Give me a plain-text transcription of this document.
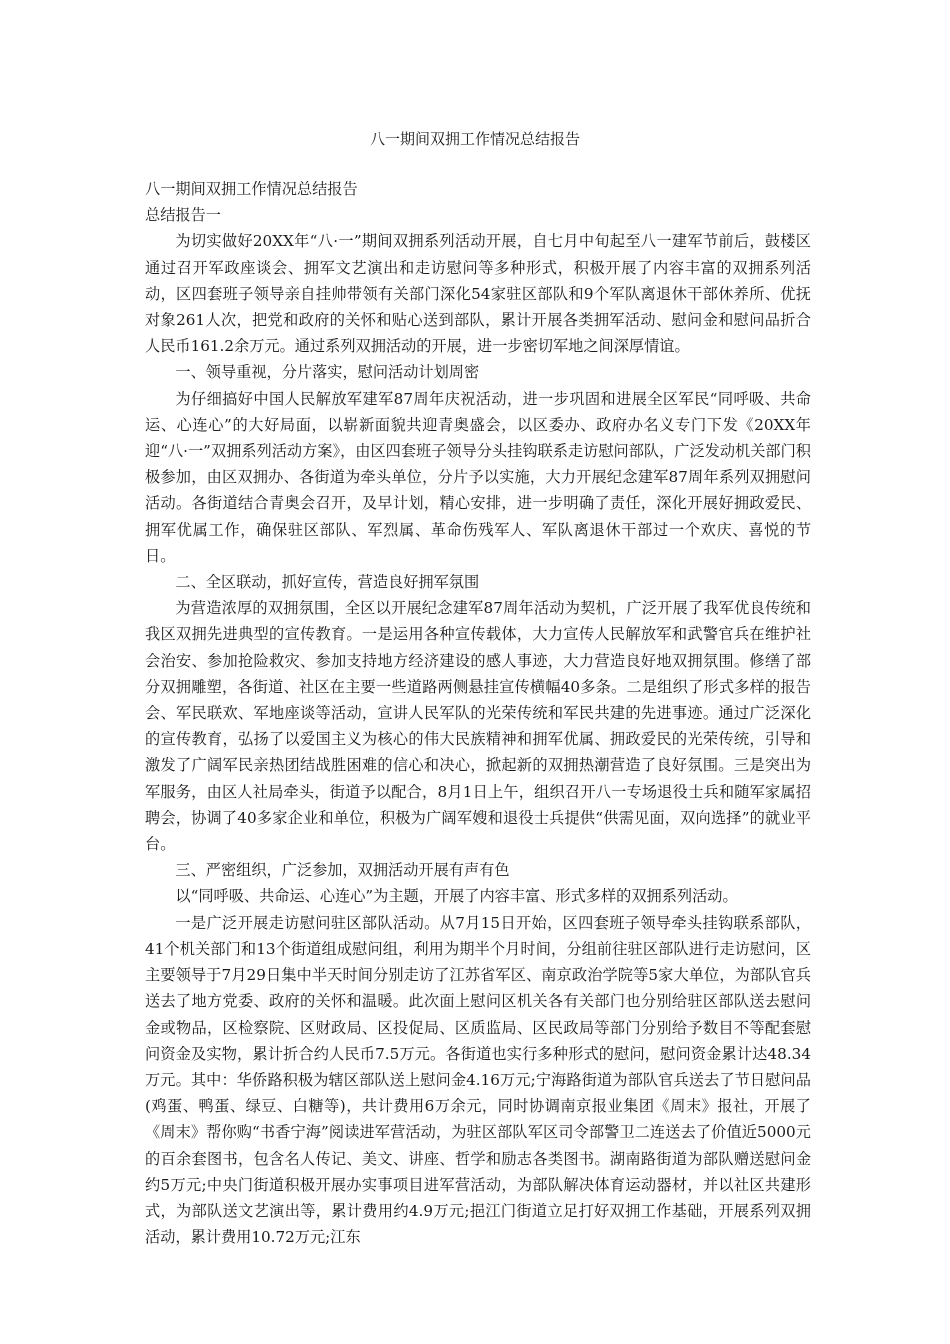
八一期间双拥工作情况总结报告

八一期间双拥工作情况总结报告

总结报告一

为切实做好20XX年“八·一”期间双拥系列活动开展，自七月中旬起至八一建军节前后，鼓楼区通过召开军政座谈会、拥军文艺演出和走访慰问等多种形式，积极开展了内容丰富的双拥系列活动，区四套班子领导亲自挂帅带领有关部门深化54家驻区部队和9个军队离退休干部休养所、优抚对象261人次，把党和政府的关怀和贴心送到部队，累计开展各类拥军活动、慰问金和慰问品折合人民币161.2余万元。通过系列双拥活动的开展，进一步密切军地之间深厚情谊。

一、领导重视，分片落实，慰问活动计划周密

为仔细搞好中国人民解放军建军87周年庆祝活动，进一步巩固和进展全区军民“同呼吸、共命运、心连心”的大好局面，以崭新面貌共迎青奥盛会，以区委办、政府办名义专门下发《20XX年迎“八·一”双拥系列活动方案》，由区四套班子领导分头挂钩联系走访慰问部队，广泛发动机关部门积极参加，由区双拥办、各街道为牵头单位，分片予以实施，大力开展纪念建军87周年系列双拥慰问活动。各街道结合青奥会召开，及早计划，精心安排，进一步明确了责任，深化开展好拥政爱民、拥军优属工作，确保驻区部队、军烈属、革命伤残军人、军队离退休干部过一个欢庆、喜悦的节日。

二、全区联动，抓好宣传，营造良好拥军氛围

为营造浓厚的双拥氛围，全区以开展纪念建军87周年活动为契机，广泛开展了我军优良传统和我区双拥先进典型的宣传教育。一是运用各种宣传载体，大力宣传人民解放军和武警官兵在维护社会治安、参加抢险救灾、参加支持地方经济建设的感人事迹，大力营造良好地双拥氛围。修缮了部分双拥雕塑，各街道、社区在主要一些道路两侧悬挂宣传横幅40多条。二是组织了形式多样的报告会、军民联欢、军地座谈等活动，宣讲人民军队的光荣传统和军民共建的先进事迹。通过广泛深化的宣传教育，弘扬了以爱国主义为核心的伟大民族精神和拥军优属、拥政爱民的光荣传统，引导和激发了广阔军民亲热团结战胜困难的信心和决心，掀起新的双拥热潮营造了良好氛围。三是突出为军服务，由区人社局牵头，街道予以配合，8月1日上午，组织召开八一专场退役士兵和随军家属招聘会，协调了40多家企业和单位，积极为广阔军嫂和退役士兵提供“供需见面，双向选择”的就业平台。

三、严密组织，广泛参加，双拥活动开展有声有色

以“同呼吸、共命运、心连心”为主题，开展了内容丰富、形式多样的双拥系列活动。

一是广泛开展走访慰问驻区部队活动。从7月15日开始，区四套班子领导牵头挂钩联系部队，41个机关部门和13个街道组成慰问组，利用为期半个月时间，分组前往驻区部队进行走访慰问，区主要领导于7月29日集中半天时间分别走访了江苏省军区、南京政治学院等5家大单位，为部队官兵送去了地方党委、政府的关怀和温暖。此次面上慰问区机关各有关部门也分别给驻区部队送去慰问金或物品，区检察院、区财政局、区投促局、区质监局、区民政局等部门分别给予数目不等配套慰问资金及实物，累计折合约人民币7.5万元。各街道也实行多种形式的慰问，慰问资金累计达48.34万元。其中：华侨路积极为辖区部队送上慰问金4.16万元;宁海路街道为部队官兵送去了节日慰问品(鸡蛋、鸭蛋、绿豆、白糖等)，共计费用6万余元，同时协调南京报业集团《周末》报社，开展了《周末》帮你购“书香宁海”阅读进军营活动，为驻区部队军区司令部警卫二连送去了价值近5000元的百余套图书，包含名人传记、美文、讲座、哲学和励志各类图书。湖南路街道为部队赠送慰问金约5万元;中央门街道积极开展办实事项目进军营活动，为部队解决体育运动器材，并以社区共建形式，为部队送文艺演出等，累计费用约4.9万元;挹江门街道立足打好双拥工作基础，开展系列双拥活动，累计费用10.72万元;江东
